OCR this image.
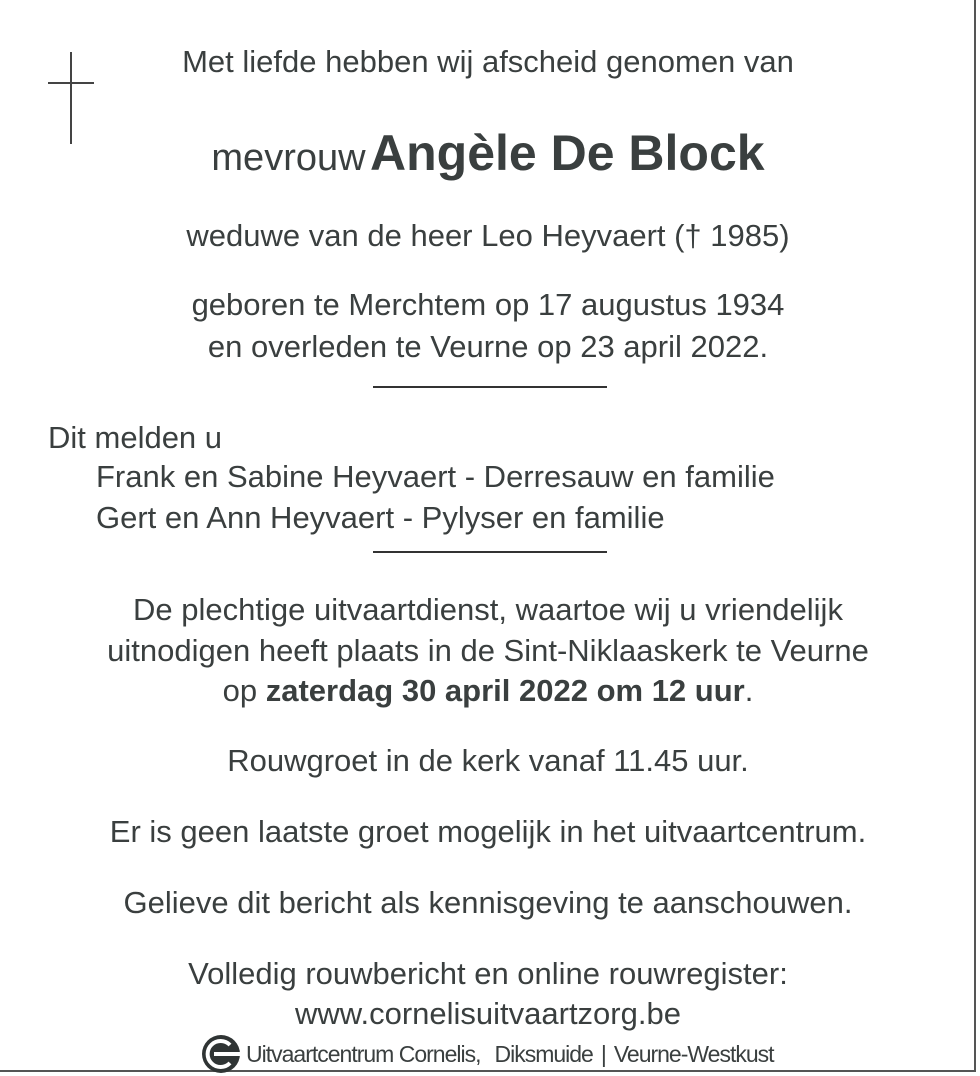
Met liefde hebben wij afscheid genomen van
mevrouw Angèle De Block
weduwe van de heer Leo Heyvaert († 1985)
geboren te Merchtem op 17 augustus 1934
en overleden te Veurne op 23 april 2022.
Dit melden u
Frank en Sabine Heyvaert - Derresauw en familie
Gert en Ann Heyvaert - Pylyser en familie
De plechtige uitvaartdienst, waartoe wij u vriendelijk
uitnodigen heeft plaats in de Sint-Niklaaskerk te Veurne
op zaterdag 30 april 2022 om 12 uur.
Rouwgroet in de kerk vanaf 11.45 uur.
Er is geen laatste groet mogelijk in het uitvaartcentrum.
Gelieve dit bericht als kennisgeving te aanschouwen.
Volledig rouwbericht en online rouwregister:
www.cornelisuitvaartzorg.be
Uitvaartcentrum Cornelis, Diksmuide | Veurne-Westkust
